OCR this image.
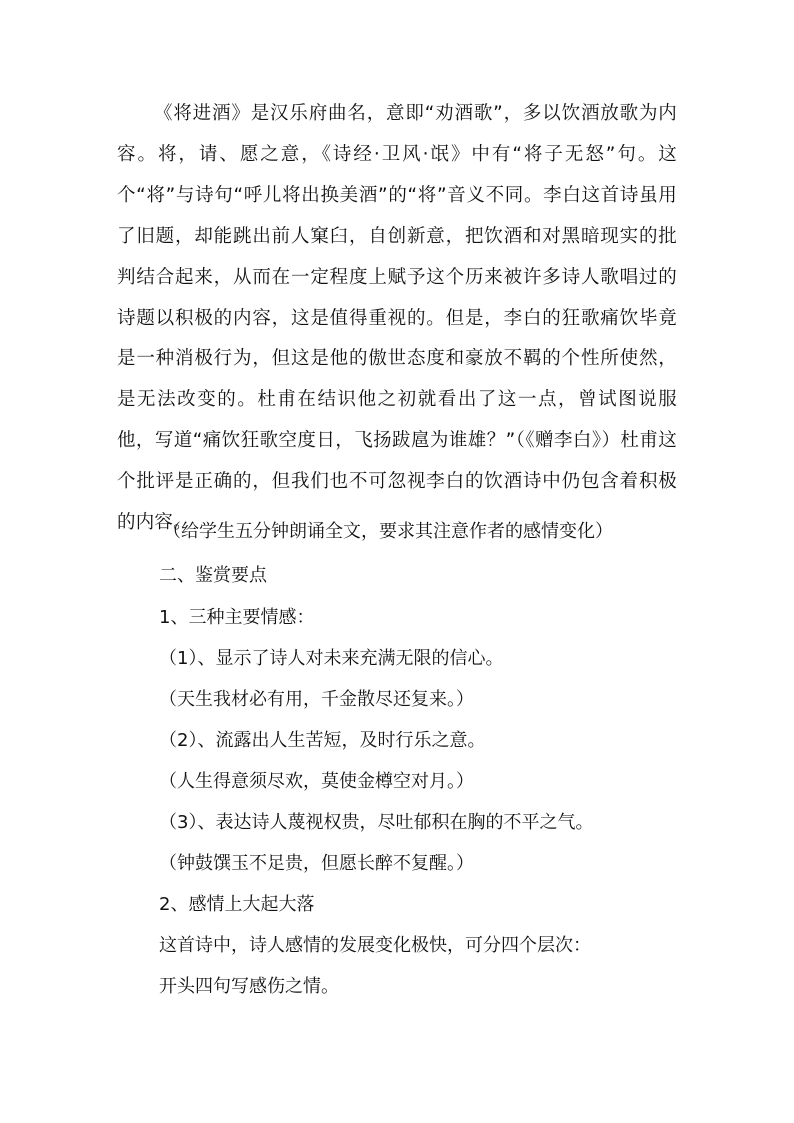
《将进酒》是汉乐府曲名，意即“劝酒歌”，多以饮酒放歌为内容。将，请、愿之意，《诗经·卫风·氓》中有“将子无怒”句。这个“将”与诗句“呼儿将出换美酒”的“将”音义不同。李白这首诗虽用了旧题，却能跳出前人窠臼，自创新意，把饮酒和对黑暗现实的批判结合起来，从而在一定程度上赋予这个历来被许多诗人歌唱过的诗题以积极的内容，这是值得重视的。但是，李白的狂歌痛饮毕竟是一种消极行为，但这是他的傲世态度和豪放不羁的个性所使然，是无法改变的。杜甫在结识他之初就看出了这一点，曾试图说服他，写道“痛饮狂歌空度日，飞扬跋扈为谁雄？”（《赠李白》）杜甫这个批评是正确的，但我们也不可忽视李白的饮酒诗中仍包含着积极的内容。

（给学生五分钟朗诵全文，要求其注意作者的感情变化）

二、鉴赏要点

1、三种主要情感：

（1）、显示了诗人对未来充满无限的信心。

（天生我材必有用，千金散尽还复来。）

（2）、流露出人生苦短，及时行乐之意。

（人生得意须尽欢，莫使金樽空对月。）

（3）、表达诗人蔑视权贵，尽吐郁积在胸的不平之气。

（钟鼓馔玉不足贵，但愿长醉不复醒。）

2、感情上大起大落

这首诗中，诗人感情的发展变化极快，可分四个层次：

开头四句写感伤之情。
